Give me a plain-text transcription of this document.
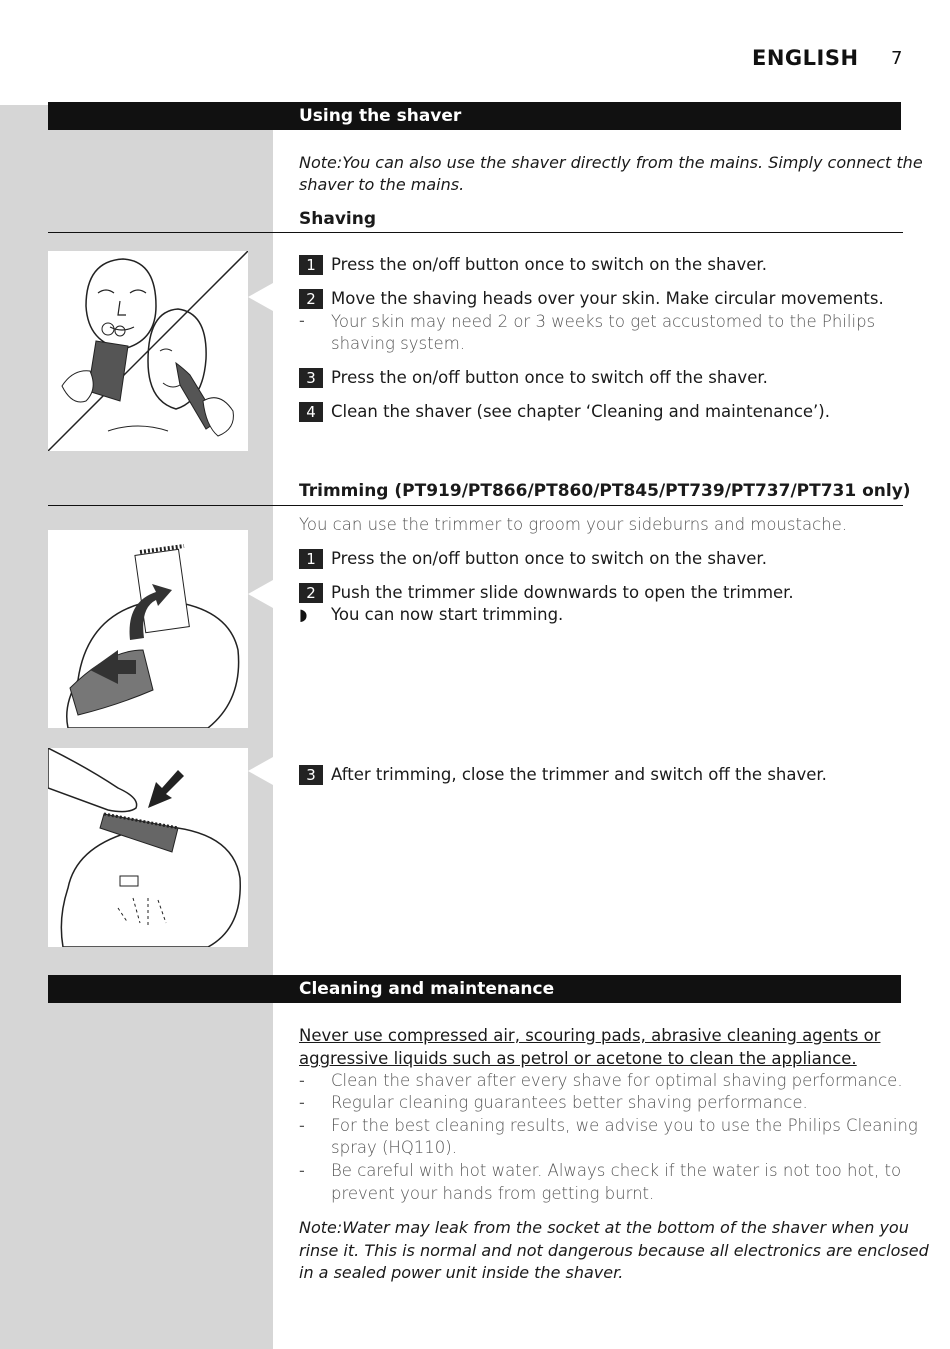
ENGLISH 7
Using the shaver
Note:You can also use the shaver directly from the mains. Simply connect the
shaver to the mains.
Shaving
1 Press the on/off button once to switch on the shaver.
2 Move the shaving heads over your skin. Make circular movements.
- Your skin may need 2 or 3 weeks to get accustomed to the Philips
shaving system.
3 Press the on/off button once to switch off the shaver.
4 Clean the shaver (see chapter ‘Cleaning and maintenance’).
Trimming (PT919/PT866/PT860/PT845/PT739/PT737/PT731 only)
You can use the trimmer to groom your sideburns and moustache.
1 Press the on/off button once to switch on the shaver.
2 Push the trimmer slide downwards to open the trimmer.
◗ You can now start trimming.
3 After trimming, close the trimmer and switch off the shaver.
Cleaning and maintenance
Never use compressed air, scouring pads, abrasive cleaning agents or
aggressive liquids such as petrol or acetone to clean the appliance.
- Clean the shaver after every shave for optimal shaving performance.
- Regular cleaning guarantees better shaving performance.
- For the best cleaning results, we advise you to use the Philips Cleaning
spray (HQ110).
- Be careful with hot water. Always check if the water is not too hot, to
prevent your hands from getting burnt.
Note:Water may leak from the socket at the bottom of the shaver when you
rinse it. This is normal and not dangerous because all electronics are enclosed
in a sealed power unit inside the shaver.
